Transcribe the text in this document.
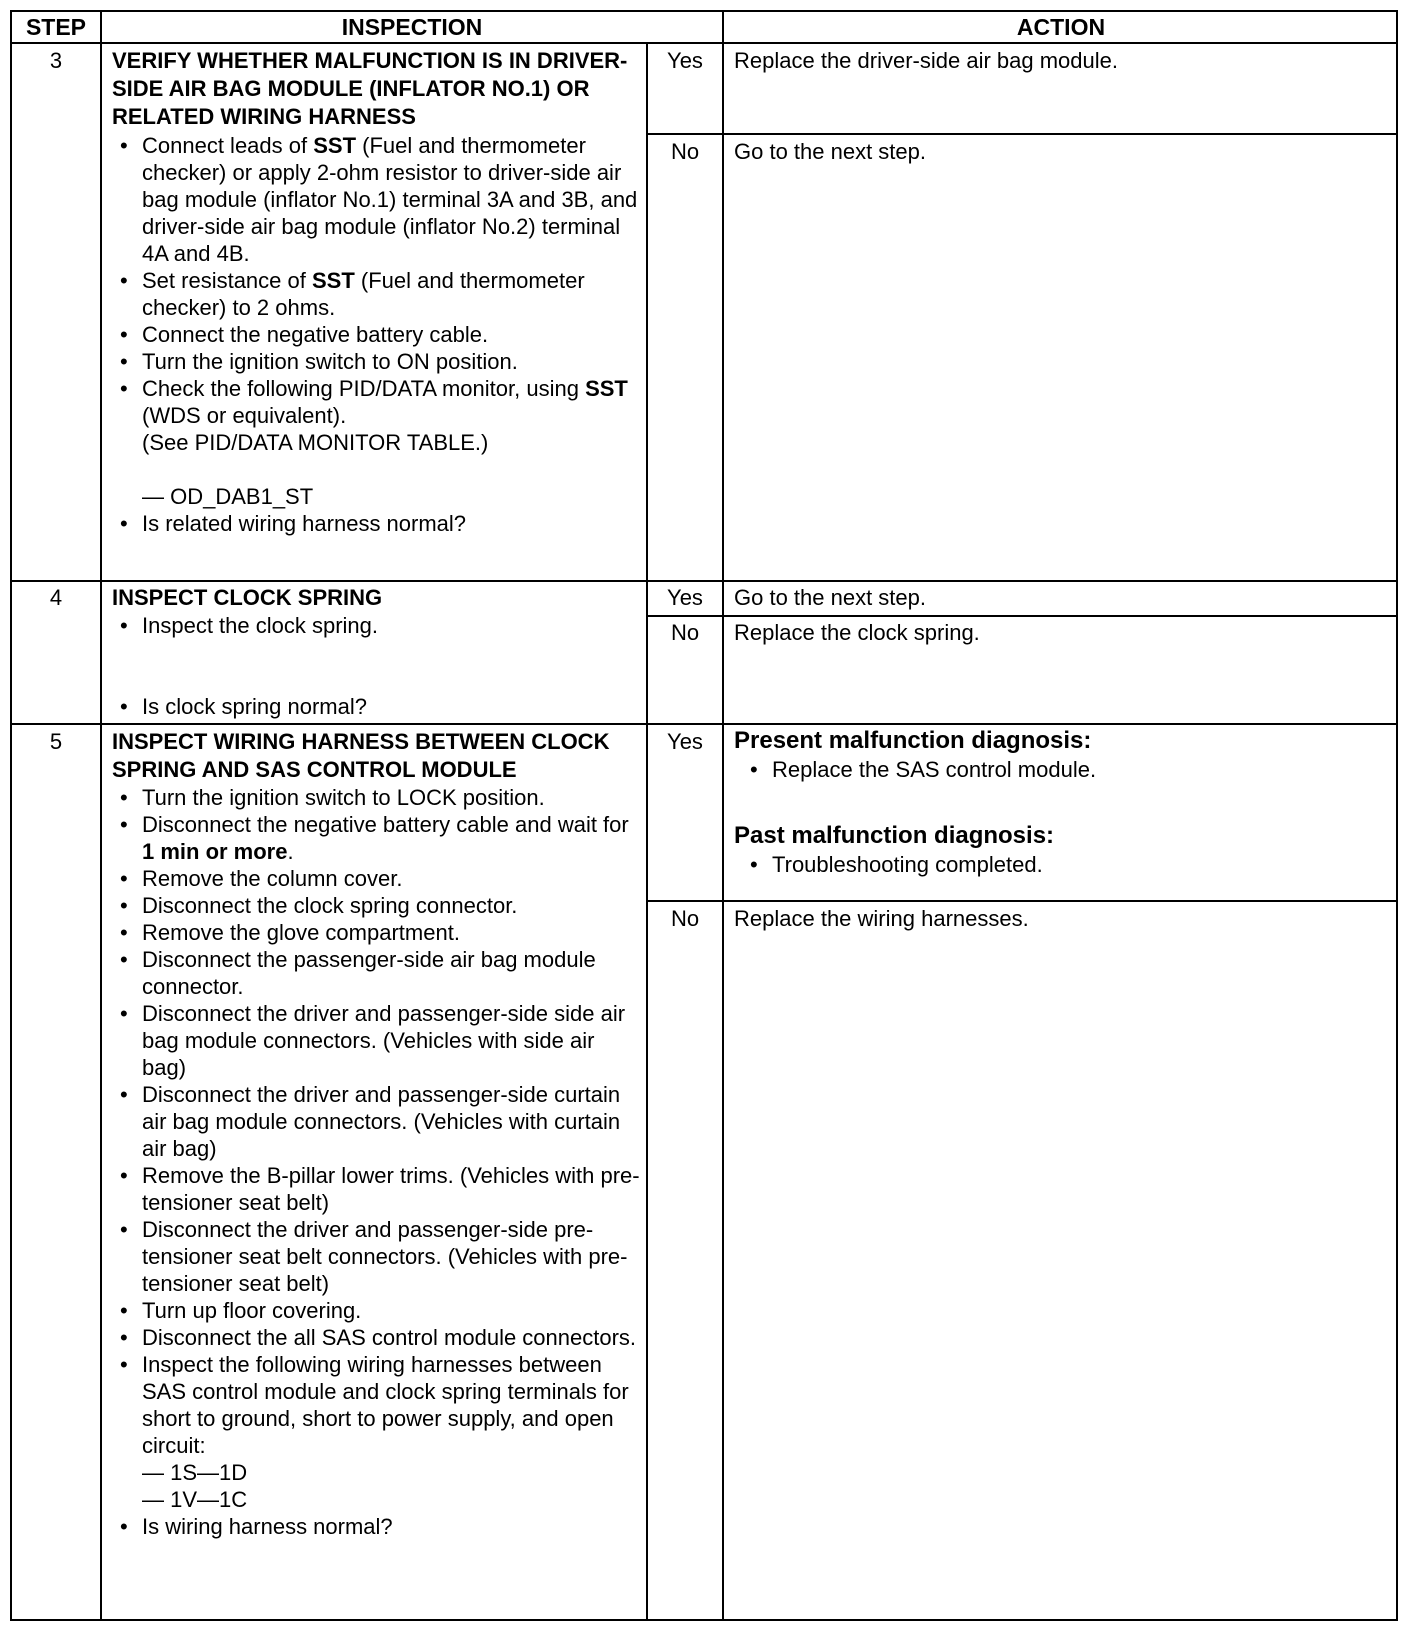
STEP	INSPECTION	ACTION
3	VERIFY WHETHER MALFUNCTION IS IN DRIVER-SIDE AIR BAG MODULE (INFLATOR NO.1) OR RELATED WIRING HARNESS
• Connect leads of SST (Fuel and thermometer checker) or apply 2-ohm resistor to driver-side air bag module (inflator No.1) terminal 3A and 3B, and driver-side air bag module (inflator No.2) terminal 4A and 4B.
• Set resistance of SST (Fuel and thermometer checker) to 2 ohms.
• Connect the negative battery cable.
• Turn the ignition switch to ON position.
• Check the following PID/DATA monitor, using SST (WDS or equivalent).
(See PID/DATA MONITOR TABLE.)
— OD_DAB1_ST
• Is related wiring harness normal?
Yes	Replace the driver-side air bag module.
No	Go to the next step.
4	INSPECT CLOCK SPRING
• Inspect the clock spring.
• Is clock spring normal?
Yes	Go to the next step.
No	Replace the clock spring.
5	INSPECT WIRING HARNESS BETWEEN CLOCK SPRING AND SAS CONTROL MODULE
• Turn the ignition switch to LOCK position.
• Disconnect the negative battery cable and wait for 1 min or more.
• Remove the column cover.
• Disconnect the clock spring connector.
• Remove the glove compartment.
• Disconnect the passenger-side air bag module connector.
• Disconnect the driver and passenger-side side air bag module connectors. (Vehicles with side air bag)
• Disconnect the driver and passenger-side curtain air bag module connectors. (Vehicles with curtain air bag)
• Remove the B-pillar lower trims. (Vehicles with pre-tensioner seat belt)
• Disconnect the driver and passenger-side pre-tensioner seat belt connectors. (Vehicles with pre-tensioner seat belt)
• Turn up floor covering.
• Disconnect the all SAS control module connectors.
• Inspect the following wiring harnesses between SAS control module and clock spring terminals for short to ground, short to power supply, and open circuit:
— 1S—1D
— 1V—1C
• Is wiring harness normal?
Yes	Present malfunction diagnosis:
• Replace the SAS control module.
Past malfunction diagnosis:
• Troubleshooting completed.
No	Replace the wiring harnesses.
